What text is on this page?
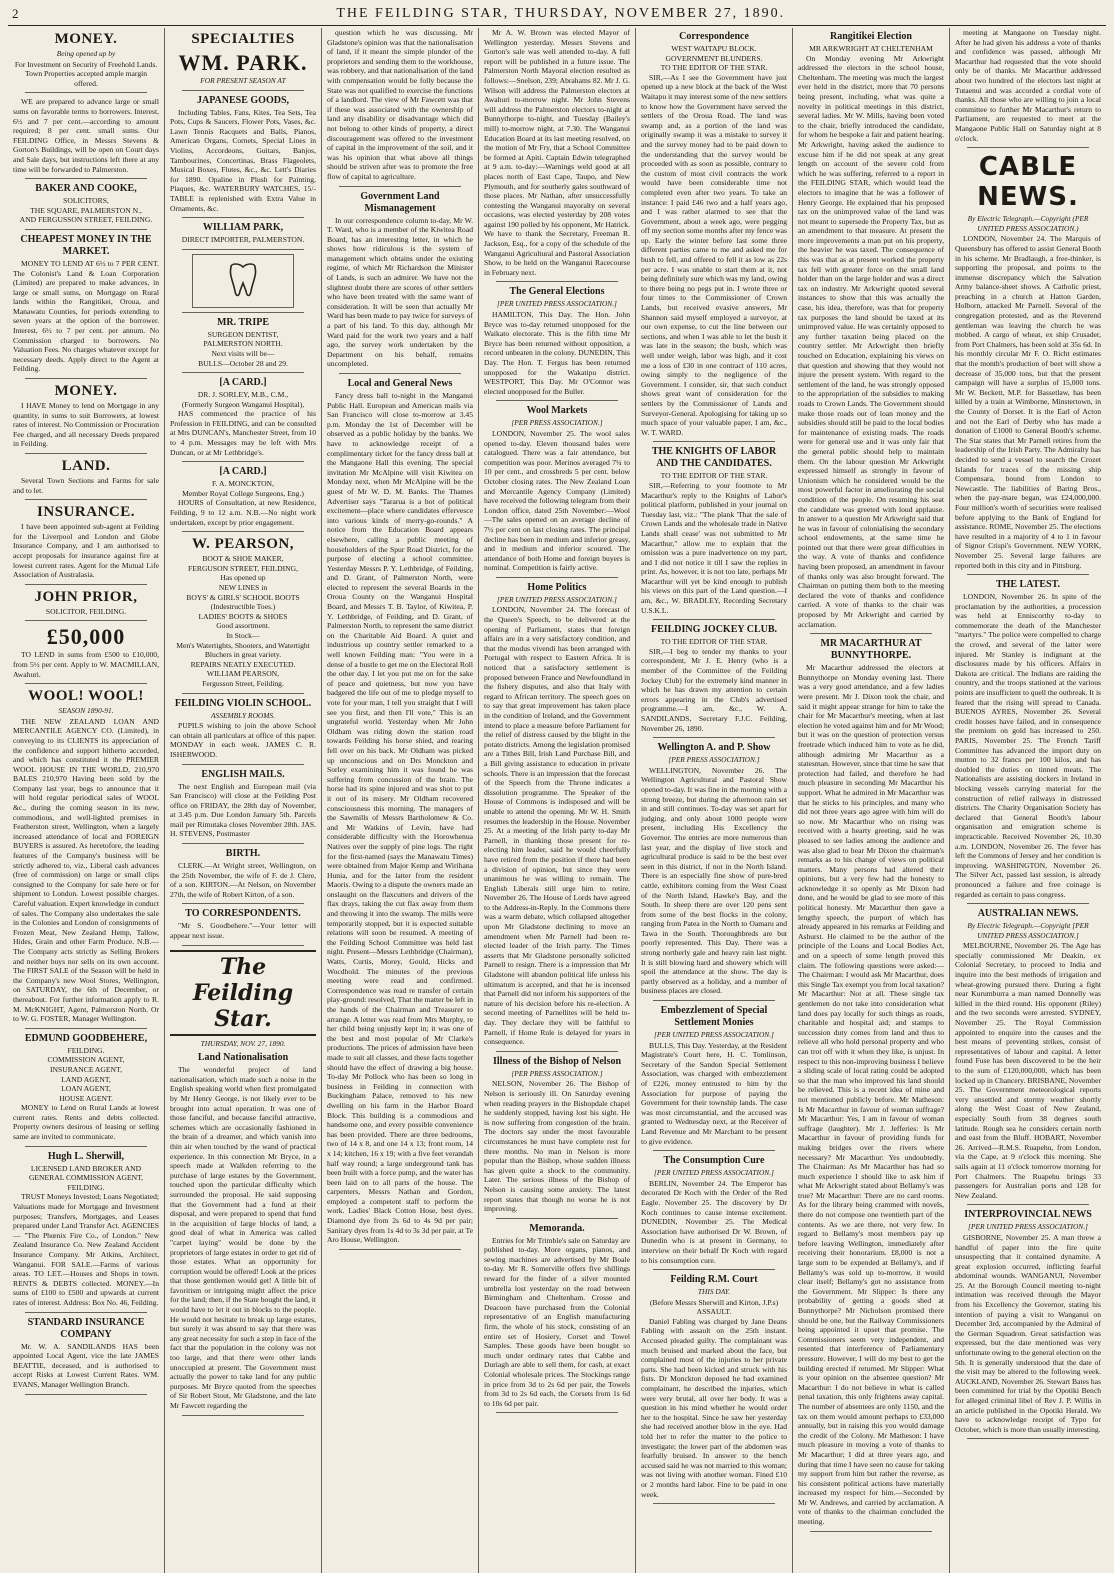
2	THE FEILDING STAR, THURSDAY, NOVEMBER 27, 1890.
MONEY.
Being opened up by
For Investment on Security of Freehold Lands.
Town Properties accepted ample margin offered.
WE are prepared to advance large or small sums on favorable terms to borrowers. Interest, 6½ and 7 per cent.—according to amount required; 8 per cent. small sums. Our FEILDING Office, in Messrs Stevens & Gorton's Buildings, will be open on Court days and Sale days, but instructions left there at any time will be forwarded to Palmerston.
BAKER AND COOKE,
SOLICITORS,
THE SQUARE, PALMERSTON N.,
AND FERGUSSON STREET, FEILDING.
CHEAPEST MONEY IN THE MARKET.
MONEY TO LEND AT 6½ to 7 PER CENT. The Colonist's Land & Loan Corporation (Limited) are prepared to make advances, in large or small sums, on Mortgage on Rural lands within the Rangitikei, Oroua, and Manawatu Counties, for periods extending to seven years at the option of the borrower. Interest, 6½ to 7 per cent. per annum. No Commission charged to borrowers. No Valuation Fees. No charges whatever except for necessary deeds. Apply direct to the Agent at Feilding.
MONEY.
I HAVE Money to lend on Mortgage in any quantity, in sums to suit Borrowers, at lowest rates of interest. No Commission or Procuration Fee charged, and all necessary Deeds prepared in Feilding.
LAND.
Several Town Sections and Farms for sale and to let.
INSURANCE.
I have been appointed sub-agent at Feilding for the Liverpool and London and Globe Insurance Company, and I am authorised to accept proposals for insurance against fire at lowest current rates. Agent for the Mutual Life Association of Australasia.
JOHN PRIOR,
SOLICITOR, FEILDING.
£50,000
TO LEND in sums from £500 to £10,000, from 5½ per cent. Apply to W. MACMILLAN, Awahuri.
WOOL! WOOL!
SEASON 1890-91.
THE NEW ZEALAND LOAN AND MERCANTILE AGENCY CO. (Limited), in conveying to its CLIENTS its appreciation of the confidence and support hitherto accorded, and which has constituted it the PREMIER WOOL HOUSE IN THE WORLD, 210,970 BALES 210,970 Having been sold by the Company last year, begs to announce that it will hold regular periodical sales of WOOL &c., during the coming season in its new, commodious, and well-lighted premises in Featherston street, Wellington, when a largely increased attendance of local and FOREIGN BUYERS is assured. As heretofore, the leading features of the Company's business will be strictly adhered to, viz., Liberal cash advances (free of commission) on large or small clips consigned to the Company for sale here or for shipment to London. Lowest possible charges. Careful valuation. Expert knowledge in conduct of sales. The Company also undertakes the sale in the Colonies and London of consignments of Frozen Meat, New Zealand Hemp, Tallow, Hides, Grain and other Farm Produce. N.B.—The Company acts strictly as Selling Brokers and neither buys nor sells on its own account. The FIRST SALE of the Season will be held in the Company's new Wool Stores, Wellington, on SATURDAY, the 6th of December, or thereabout. For further information apply to R. M. McKNIGHT, Agent, Palmerston North. Or to W. G. FOSTER, Manager Wellington.
EDMUND GOODBEHERE,
FEILDING.
COMMISSION AGENT,
INSURANCE AGENT,
LAND AGENT,
LOAN AGENT,
HOUSE AGENT.
MONEY to Lend on Rural Lands at lowest current rates. Rents and debts collected. Property owners desirous of leasing or selling same are invited to communicate.
Hugh L. Sherwill,
LICENSED LAND BROKER AND
GENERAL COMMISSION AGENT,
FEILDING.
TRUST Moneys Invested; Loans Negotiated; Valuations made for Mortgage and Investment purposes; Transfers, Mortgages, and Leases prepared under Land Transfer Act. AGENCIES— "The Phœnix Fire Co., of London." New Zealand Insurance Co. New Zealand Accident Insurance Company. Mr Atkins, Architect, Wanganui. FOR SALE.—Farms of various areas. TO LET.—Houses and Shops in town. RENTS & DEBTS collected. MONEY.—In sums of £100 to £500 and upwards at current rates of interest. Address: Box No. 46, Feilding.
STANDARD INSURANCE COMPANY
Mr. W. A. SANDILANDS HAS been appointed Local Agent, vice the late JAMES BEATTIE, deceased, and is authorised to accept Risks at Lowest Current Rates. WM. EVANS, Manager Wellington Branch.
SPECIALTIES
WM. PARK.
FOR PRESENT SEASON AT
JAPANESE GOODS,
Including Tables, Fans, Kites, Tea Sets, Tea Pots, Cups & Saucers, Flower Pots, Vases, &c. Lawn Tennis Racquets and Balls, Pianos, American Organs, Cornets, Special Lines in Violins, Accordeons, Guitars, Banjos, Tambourines, Concertinas, Brass Flageolets, Musical Boxes, Flutes, &c., &c. Lett's Diaries for 1890. Opaline in Plush for Painting, Plaques, &c. WATERBURY WATCHES, 15/- TABLE is replenished with Extra Value in Ornaments, &c.
WILLIAM PARK,
DIRECT IMPORTER, PALMERSTON.
MR. TRIPE
SURGEON DENTIST,
PALMERSTON NORTH.
Next visits will be—
BULLS—October 28 and 29.
[A CARD.]
DR. J. SORLEY, M.B., C.M.,
(Formerly Surgeon Wanganui Hospital),
HAS commenced the practice of his Profession in FEILDING, and can be consulted at Mrs DUNCAN's, Manchester Street, from 10 to 4 p.m. Messages may be left with Mrs Duncan, or at Mr Lethbridge's.
[A CARD.]
F. A. MONCKTON,
Member Royal College Surgeons, Eng.)
HOURS of Consultation, at new Residence, Feilding, 9 to 12 a.m. N.B.—No night work undertaken, except by prior engagement.
W. PEARSON,
BOOT & SHOE MAKER,
FERGUSON STREET, FEILDING,
Has opened up
NEW LINES in
BOYS' & GIRLS' SCHOOL BOOTS
(Indestructible Toes.)
LADIES' BOOTS & SHOES
Good assortment.
In Stock—
Men's Watertights, Shooters, and Watertight Bluchers in great variety.
REPAIRS NEATLY EXECUTED.
WILLIAM PEARSON,
Fergusson Street, Feilding.
FEILDING VIOLIN SCHOOL.
ASSEMBLY ROOMS.
PUPILS wishing to join the above School can obtain all particulars at office of this paper. MONDAY in each week. JAMES C. R. ISHERWOOD.
ENGLISH MAILS.
The next English and European mail (via San Francisco) will close at the Feilding Post office on FRIDAY, the 28th day of November, at 3.45 p.m. Due London January 5th. Parcels mail per Rimutaka closes November 28th. JAS. H. STEVENS, Postmaster
BIRTH.
CLERK.—At Wright street, Wellington, on the 25th November, the wife of F. de J. Clere, of a son. KIRTON.—At Nelson, on November 27th, the wife of Robert Kirton, of a son.
TO CORRESPONDENTS.
"Mr S. Goodbehere."—Your letter will appear next issue.
The Feilding Star.
THURSDAY, NOV. 27, 1890.
Land Nationalisation
The wonderful project of land nationalisation, which made such a noise in the English speaking world when first promulgated by Mr Henry George, is not likely ever to be brought into actual operation. It was one of those fanciful, and because fanciful attractive, schemes which are occasionally fashioned in the brain of a dreamer, and which vanish into thin air when touched by the wand of practical experience. In this connection Mr Bryce, in a speech made at Walkden referring to the purchase of large estates by the Government, touched upon the particular difficulty which surrounded the proposal. He said supposing that the Government had a fund at their disposal, and were prepared to spend that fund in the acquisition of large blocks of land, a good deal of what in America was called "carpet laying" would be done by the proprietors of large estates in order to get rid of those estates. What an opportunity for corruption would be offered! Look at the prices that those gentlemen would get! A little bit of favoritism or intriguing might affect the price for the land; then, if the State bought the land, it would have to let it out in blocks to the people. He would not hesitate to break up large estates, but surely it was absurd to say that there was any great necessity for such a step in face of the fact that the population in the colony was not too large, and that there were other lands unoccupied at present. The Government must actually the power to take land for any public purposes. Mr Bryce quoted from the speeches of Sir Robert Stout, Mr Gladstone, and the late Mr Fawcett regarding the
question which he was discussing. Mr Gladstone's opinion was that the nationalisation of land, if it meant the simple plunder of the proprietors and sending them to the workhouse, was robbery, and that nationalisation of the land with compensation would be folly because the State was not qualified to exercise the functions of a landlord. The view of Mr Fawcett was that if these was associated with the ownership of land any disability or disadvantage which did not belong to other kinds of property, a direct discouragement was offered to the investment of capital in the improvement of the soil, and it was his opinion that what above all things should be striven after was to promote the free flow of capital to agriculture.
Government Land Mismanagement
In our correspondence column to-day, Mr W. T. Ward, who is a member of the Kiwitea Road Board, has an interesting letter, in which he shows how ridiculous is the system of management which obtains under the existing regime, of which Mr Richardson the Minister of Lands, is such an admirer. We have not the slightest doubt there are scores of other settlers who have been treated with the same want of consideration. It will be seen that actually Mr Ward has been made to pay twice for surveys of a part of his land. To this day, although Mr Ward paid for the work two years and a half ago, the survey work undertaken by the Department on his behalf, remains uncompleted.
Local and General News
Fancy dress ball to-night in the Manganui Public Hall. European and American mails via San Francisco will close to-morrow at 3.45 p.m. Monday the 1st of December will be observed as a public holiday by the banks. We have to acknowledge receipt of a complimentary ticket for the fancy dress ball at the Mangaone Hall this evening. The special invitation Mr McAlpine will visit Kiwitea on Monday next, when Mr McAlpine will be the guest of Mr W. D. M. Banks. The Thames Advertiser says "Tararua is a hot of political excitement—place where candidates effervesce into various kinds of merry-go-rounds." A notice from the Education Board appears elsewhere, calling a public meeting of householders of the Spur Road District, for the purpose of electing a school committee. Yesterday Messrs P. Y. Lethbridge, of Feilding, and D. Grant, of Palmerston North, were elected to represent the several Boards in the Oroua County on the Wanganui Hospital Board, and Messrs T. B. Taylor, of Kiwitea, P. Y. Lethbridge, of Feilding, and D. Grant, of Palmerston North, to represent the same district on the Charitable Aid Board. A quiet and industrious up country settler remarked to a well known Feilding man: "You were in a dense of a bustle to get me on the Electoral Roll the other day. I let you put me on for the sake of peace and quietness, but now you have badgered the life out of me to pledge myself to vote for your man, I tell you straight that I will see you first, and then I'll vote," This is an ungrateful world. Yesterday when Mr John Oldham was riding down the station road towards Feilding his horse shied, and rearing fell over on his back. Mr Oldham was picked up unconscious and on Drs Monckton and Sorley examining him it was found he was suffering from concussion of the brain. The horse had its spine injured and was shot to put it out of its misery. Mr Oldham recovered consciousness this morning. The managers of the Sawmills of Messrs Bartholomew & Co. and Mr Watkins of Levin, have had considerable difficulty with the Horowhenua Natives over the supply of pine logs. The right for the first-named (says the Manawatu Times) were obtained from Major Kemp and Wirihana Hunia, and for the latter from the resident Maoris. Owing to a dispute the owners made an onslaught on the flaxcutters and drivers of the flax drays, taking the cut flax away from them and throwing it into the swamp. The mills were temporarily stopped, but it is expected suitable relations will soon be resumed. A meeting of the Feilding School Committee was held last night. Present—Messrs Lethbridge (Chairman), Watts, Curtis, Morey, Gould, Hicks and Wocdhold. The minutes of the previous meeting were read and confirmed. Correspondence was read re transfer of certain play-ground: resolved, That the matter be left in the hands of the Chairman and Treasurer to arrange. A letter was read from Mrs Murphy, re her child being unjustly kept in; it was one of the best and most popular of Mr Clarke's productions. The prices of admission have been made to suit all classes, and these facts together should have the effect of drawing a big house. To-day Mr Pollock who has been so long in business in Feilding in connection with Buckingham Palace, removed to his new dwelling on his farm in the Harbor Board Block. This building is a commodious and handsome one, and every possible convenience has been provided. There are three bedrooms, two of 14 x 8, and one 14 x 13; front room, 14 x 14; kitchen, 16 x 19; with a five feet verandah half way round; a large underground tank has been built with a force pump, and the water has been laid on to all parts of the house. The carpenters, Messrs Nathan and Gordon, employed a competent staff to perform the work. Ladies' Black Cotton Hose, best dyes. Diamond dye from 2s 6d to 4s 9d per pair; Sanitary dyes from 1s 4d to 3s 3d per pair, at Te Aro House, Wellington.
Mr A. W. Brown was elected Mayor of Wellington yesterday. Messrs Stevens and Gorton's sale was well attended to-day. A full report will be published in a future issue. The Palmerston North Mayoral election resulted as follows:—Snelson, 239; Abrahams 82. Mr J. G. Wilson will address the Palmerston electors at Awahuri to-morrow night. Mr John Stevens will address the Palmerston electors to-night at Bunnythorpe to-night, and Tuesday (Bailey's mill) to-morrow night, at 7.30. The Wanganui Education Board at its last meeting resolved, on the motion of Mr Fry, that a School Committee be formed at Apiti. Captain Edwin telegraphed at 9 a.m. to-day:—Warnings weld good at all places north of East Cape, Taupo, and New Plymouth, and for southerly gales southward of those places. Mr Nathan, after unsuccessfully contesting the Wanganui mayoralty on several occasions, was elected yesterday by 208 votes against 190 polled by his opponent, Mr Hatrick. We have to thank the Secretary, Freeman R. Jackson, Esq., for a copy of the schedule of the Wanganui Agricultural and Pastoral Association Show, to be held on the Wanganui Racecourse in February next.
The General Elections
[PER UNITED PRESS ASSOCIATION.]
HAMILTON, This Day. The Hon. John Bryce was to-day returned unopposed for the Waikato electorate. This is the fifth time Mr Bryce has been returned without opposition, a record unbeaten in the colony. DUNEDIN, This Day. The Hon. T. Fergus has been returned unopposed for the Wakatipu district. WESTPORT, This Day. Mr O'Connor was elected unopposed for the Buller.
Wool Markets
[PER PRESS ASSOCIATION.]
LONDON, November 25. The wool sales opened to-day. Eleven thousand bales were catalogued. There was a fair attendance, but competition was poor. Merinos averaged 7¼ to 10 per cent., and crossbreds 5 per cent. below October closing rates. The New Zealand Loan and Mercantile Agency Company (Limited) have received the following telegram from their London office, dated 25th November:—Wool—The sales opened on an average decline of 7½ per cent on last closing rates. The principal decline has been in medium and inferior greasy, and in medium and inferior scoured. The attendance of both Home and foreign buyers is nominal. Competition is fairly active.
Home Politics
[PER UNITED PRESS ASSOCIATION.]
LONDON, November 24. The forecast of the Queen's Speech, to be delivered at the opening of Parliament, states that foreign affairs are in a very satisfactory condition, and that the modus vivendi has been arranged with Portugal with respect to Eastern Africa. It is noticed that a satisfactory settlement is proposed between France and Newfoundland in the fishery disputes, and also that Italy with regard to African territory. The speech goes on to say that great improvement has taken place in the condition of Ireland, and the Government intend to place a measure before Parliament for the relief of distress caused by the blight in the potato districts. Among the legislation promised are a Tithes Bill, Irish Land Purchase Bill, and a Bill giving assistance to education in private schools. There is an impression that the forecast of the Speech from the Throne indicates a dissolution programme. The Speaker of the House of Commons is indisposed and will be unable to attend the opening. Mr W. H. Smith resumes the leadership in the House. November 25. At a meeting of the Irish party to-day Mr Parnell, in thanking those present for re-electing him leader, said he would cheerfully have retired from the position if there had been a division of opinion, but since they were unanimous he was willing to remain. The English Liberals still urge him to retire. November 26. The House of Lords have agreed to the Address-in-Reply. In the Commons there was a warm debate, which collapsed altogether upon Mr Gladstone declining to move an amendment when Mr Parnell had been re-elected leader of the Irish party. The Times asserts that Mr Gladstone personally solicited Parnell to resign. There is a impression that Mr Gladstone will abandon political life unless his ultimatum is accepted, and that he is incensed that Parnell did not inform his supporters of the nature of his decision before his re-election. A second meeting of Parnellites will be held to-day. They declare they will be faithful to Parnell, if Home Rule is delayed for years in consequence.
Illness of the Bishop of Nelson
[PER PRESS ASSOCIATION.]
NELSON, November 26. The Bishop of Nelson is seriously ill. On Saturday evening when reading prayers in the Bishopdale chapel he suddenly stopped, having lost his sight. He is now suffering from congestion of the brain. The doctors say under the most favourable circumstances he must have complete rest for three months. No man in Nelson is more popular than the Bishop, whose sudden illness has given quite a shock to the community. Later. The serious illness of the Bishop of Nelson is causing some anxiety. The latest report states that though no worse he is not improving.
Memoranda.
Entries for Mr Trimble's sale on Saturday are published to-day. More organs, pianos, and sewing machines are advertised by Mr Boale to-day. Mr R. Somerville offers five shillings reward for the finder of a silver mounted umbrella lost yesterday on the road between Birmingham and Cheltenham. Crosse and Deacoon have purchased from the Colonial representative of an English manufacturing firm, the whole of his stock, consisting of an entire set of Hosiery, Corset and Towel Samples. These goods have been bought so much under ordinary rates that Cabbe and Duriagh are able to sell them, for cash, at exact Colonial wholesale prices. The Stockings range in price from 3d to 2s 6d per pair, the Towels from 3d to 2s 6d each, the Corsets from 1s 6d to 10s 6d per pair.
Correspondence
WEST WAITAPU BLOCK.
GOVERNMENT BLUNDERS.
TO THE EDITOR OF THE STAR.
SIR,—As I see the Government have just opened up a new block at the back of the West Waitapu it may interest some of the new settlers to know how the Government have served the settlers of the Oroua Road. The land was swamp and, as a portion of the land was originally swamp it was a mistake to survey it and the survey money had to be paid down to the understanding that the survey would be proceeded with as soon as possible, contrary to the custom of most civil contracts the work would have been considerable time not completed even after two years. To take an instance: I paid £46 two and a half years ago, and I was rather alarmed to see that the Government, about a week ago, were pegging off my section some months after my fence was up. Early the winter before last some three different parties came to me and asked me for bush to fell, and offered to fell it as low as 22s per acre. I was unable to start them at it, not being definitely sure which was my land, owing to there being no pegs put in. I wrote three or four times to the Commissioner of Crown Lands, but received evasive answers, Mr Shannon said myself employed a surveyor, at our own expense, to cut the line between our sections, and when I was able to let the bush it was late in the season; the bush, which was well under weigh, labor was high, and it cost me a loss of £30 in one contract of 110 acres, owing simply to the negligence of the Government. I consider, sir, that such conduct shows great want of consideration for the settlers by the Commissioner of Lands and Surveyor-General. Apologising for taking up so much space of your valuable paper, I am, &c., W. T. WARD.
THE KNIGHTS OF LABOR AND THE CANDIDATES.
TO THE EDITOR OF THE STAR.
SIR,—Referring to your footnote to Mr Macarthur's reply to the Knights of Labor's political platform, published in your journal on Tuesday last, viz.: "The plank 'That the sale of Crown Lands and the wholesale trade in Native Lands shall cease' was not submitted to Mr Macarthur," allow me to explain that the omission was a pure inadvertence on my part, and I did not notice it till I saw the replies in print. As, however, it is not too late, perhaps Mr Macarthur will yet be kind enough to publish his views on this part of the Land question.—I am, &c., W. BRADLEY, Recording Secretary U.S.K.L.
FEILDING JOCKEY CLUB.
TO THE EDITOR OF THE STAR.
SIR,—I beg to tender my thanks to your correspondent, Mr J. E. Henry (who is a member of the Committee of the Feilding Jockey Club) for the extremely kind manner in which he has drawn my attention to certain errors appearing in the Club's advertised programme.—I am, &c., W. A. SANDILANDS, Secretary F.J.C. Feilding, November 26, 1890.
Wellington A. and P. Show
[PER PRESS ASSOCIATION.]
WELLINGTON, November 26. The Wellington Agricultural and Pastoral Show opened to-day. It was fine in the morning with a strong breeze, but during the afternoon rain set in and still continues. To-day was set apart for judging, and only about 1000 people were present, including His Excellency the Governor. The entries are more numerous than last year, and the display of live stock and agricultural produce is said to be the best ever seen in this district, if not in the North Island. There is an especially fine show of pure-bred cattle, exhibitors coming from the West Coast of the North Island, Hawke's Bay, and the South. In sheep there are over 120 pens sent from some of the best flocks in the colony, ranging from Patea in the North to Oamaru and Tawa in the South. Thoroughbreds are but poorly represented. This Day. There was a strong northerly gale and heavy rain last night. It is still blowing hard and showery which will spoil the attendance at the show. The day is partly observed as a holiday, and a number of business places are closed.
Embezzlement of Special Settlement Monies
[PER UNITED PRESS ASSOCIATION.]
BULLS, This Day. Yesterday, at the Resident Magistrate's Court here, H. C. Tomlinson, Secretary of the Sandon Special Settlement Association, was charged with embezzlement of £226, money entrusted to him by the Association for purpose of paying the Government for their township lands. The case was most circumstantial, and the accused was granted to Wednesday next, at the Receiver of Land Revenue and Mr Marchant to be present to give evidence.
The Consumption Cure
[PER UNITED PRESS ASSOCIATION.]
BERLIN, November 24. The Emperor has decorated Dr Koch with the Order of the Red Eagle. November 25. The discovery by Dr Koch continues to cause intense excitement. DUNEDIN, November 25. The Medical Association have authorised Dr W. Brown, of Dunedin who is at present in Germany, to interview on their behalf Dr Koch with regard to his consumption cure.
Feilding R.M. Court
THIS DAY.
(Before Messrs Sherwill and Kirton, J.P.s)
ASSAULT.
Daniel Fabling was charged by Jane Deans Fabling with assault on the 25th instant. Accused pleaded guilty. The complainant was much bruised and marked about the face, but complained most of the injuries to her private parts. She had been kicked and struck with his fists. Dr Monckton deposed he had examined complainant, he described the injuries, which were very brutal, all over her body. It was a question in his mind whether he would order her to the hospital. Since he saw her yesterday she had received another blow in the eye. Had told her to refer the matter to the police to investigate; the lower part of the abdomen was fearfully bruised. In answer to the bench accused said he was not married to this woman; was not living with another woman. Fined £10 or 2 months hard labor. Fine to be paid in one week.
Rangitikei Election
MR ARKWRIGHT AT CHELTENHAM
On Monday evening Mr Arkwright addressed the electors in the school house, Cheltenham. The meeting was much the largest ever held in the district, more that 70 persons being present, including, what was quite a novelty in political meetings in this district, several ladies. Mr W. Mills, having been voted to the chair, briefly introduced the candidate, for whom he bespoke a fair and patient hearing. Mr Arkwright, having asked the audience to excuse him if he did not speak at any great length on account of the severe cold from which he was suffering, referred to a report in the FEILDING STAR, which would lead the electors to imagine that he was a follower of Henry George. He explained that his proposed tax on the unimproved value of the land was not meant to supersede the Property Tax, but as an amendment to that measure. At present the more improvements a man put on his property, the heavier he was taxed. The consequence of this was that as at present worked the property tax fell with greater force on the small land holder than on the large holder and was a direct tax on industry. Mr Arkwright quoted several instances to show that this was actually the case, his idea, therefore, was that for property tax purposes the land should be taxed at its unimproved value. He was certainly opposed to any further taxation being placed on the country settler. Mr Arkwright then briefly touched on Education, explaining his views on that question and showing that they would not injure the present system. With regard to the settlement of the land, he was strongly opposed to the appropriation of the subsidies to making roads to Crown Lands. The Government should make those roads out of loan money and the subsidies should still be paid to the local bodies for maintenance of existing roads. The roads were for general use and it was only fair that the general public should help to maintain them. On the labour question Mr Arkwright expressed himself as strongly in favour of Unionism which he considered would be the most powerful factor in ameliorating the social condition of the people. On resuming his seat the candidate was greeted with loud applause. In answer to a question Mr Arkwright said that he was in favour of colonialising the secondary school endowments, at the same time he pointed out that there were great difficulties in the way. A vote of thanks and confidence having been proposed, an amendment in favour of thanks only was also brought forward. The Chairman on putting them both to the meeting declared the vote of thanks and confidence carried. A vote of thanks to the chair was proposed by Mr Arkwright and carried by acclamation.
MR MACARTHUR AT BUNNYTHORPE.
Mr Macarthur addressed the electors at Bunnythorpe on Monday evening last. There was a very good attendance, and a few ladies were present. Mr J. Dixon took the chair, and said it might appear strange for him to take the chair for Mr Macarthur's meeting, when at last election he voted against him and for Mr Wood; but it was on the question of protection versus freetrade which induced him to vote as he did, although admiring Mr Macarthur as a statesman. However, since that time he saw that protection had failed, and therefore he had much pleasure in seconding Mr Macarthur his support. What he admired in Mr Macarthur was that he sticks to his principles, and many who did not three years ago agree with him will do so now. Mr Macarthur who on rising was received with a hearty greeting, said he was pleased to see ladies among the audience and was also glad to hear Mr Dixon the chairman's remarks as to his change of views on political matters. Many persons had altered their opinions, but a very few had the honesty to acknowledge it so openly as Mr Dixon had done, and he would be glad to see more of this political honesty. Mr Macarthur then gave a lengthy speech, the purport of which has already appeared in his remarks at Feilding and Ashurst. He claimed to be the author of the principle of the Loans and Local Bodies Act, and on a speech of some length proved this claim. The following questions were asked:— The Chairman: I would ask Mr Macarthur, does this Single Tax exempt you from local taxation? Mr Macarthur: Not at all. These single tax gentlemen do not take into consideration what land does pay locally for such things as roads, charitable and hospital aid; and stamps to succession duty comes from land and thus to relieve all who hold personal property and who can trot off with it when they like, is unjust. In respect to this non-improving business I believe a sliding scale of local rating could be adopted so that the man who improved his land should be relieved. This is a recent idea of mine and not mentioned publicly before. Mr Matheson: Is Mr Macarthur in favour of woman suffrage? Mr Macarthur: Yes, I am in favour of woman suffrage (laughter). Mr J. Jefferies: Is Mr Macarthur in favour of providing funds for making bridges over the rivers where necessary? Mr Macarthur: Yes undoubtedly. The Chairman: As Mr Macarthur has had so much experience I should like to ask him if what Mr Arkwright stated about Bellamy's was true? Mr Macarthur: There are no card rooms. As for the library being crammed with novels, there do not compose one twentieth part of the contents. As we are there, not very few. In regard to Bellamy's most members pay up before leaving Wellington, immediately after receiving their honorarium. £8,000 is not a large sum to be expended at Bellamy's, and if Bellamy's was sold up to-morrow, it would clear itself; Bellamy's got no assistance from the Government. Mr Slipper: Is there any probability of getting a goods shed at Bunnythorpe? Mr Nicholson promised there should be one, but the Railway Commissioners being appointed it upset that promise. The Commissioners seem very independent, and resented that interference of Parliamentary pressure. However, I will do my best to get the building erected if returned. Mr Slipper: What is your opinion on the absentee question? Mr Macarthur: I do not believe in what is called penal taxation, this only frightens away capital. The number of absentees are only 1150, and the tax on them would amount perhaps to £33,000 annually, but in raising this you would damage the credit of the Colony. Mr Matheson: I have much pleasure in moving a vote of thanks to Mr Macarthur; I did at three years ago, and during that time I have seen no cause for taking my support from him but rather the reverse, as his consistent political actions have materially increased my respect for him.—Seconded by Mr W. Andrews, and carried by acclamation. A vote of thanks to the chairman concluded the meeting.
meeting at Mangaone on Tuesday night. After he had given his address a vote of thanks and confidence was passed, although Mr Macarthur had requested that the vote should only be of thanks. Mr Macarthur addressed about two hundred of the electors last night at Tutaenui and was accorded a cordial vote of thanks. All those who are willing to join a local committee to further Mr Macarthur's return to Parliament, are requested to meet at the Mangaone Public Hall on Saturday night at 8 o'clock.
CABLE NEWS.
By Electric Telegraph.—Copyright (PER UNITED PRESS ASSOCIATION.)
LONDON, November 24. The Marquis of Queensbury has offered to assist General Booth in his scheme. Mr Bradlaugh, a free-thinker, is supporting the proposal, and points to the immense discrepancy which the Salvation Army balance-sheet shows. A Catholic priest, preaching in a church at Hatton Garden, Holborn, attacked Mr Parnell. Several of the congregation protested, and as the Reverend gentleman was leaving the church he was mobbed. A cargo of wheat, ex ship Crusader, from Port Chalmers, has been sold at 35s 6d. In his monthly circular Mr F. O. Richt estimates that the month's production of beet will show a decrease of 35,000 tons, but that the present campaign will have a surplus of 15,000 tons. Mr W. Beckett, M.P. for Bassetlaw, has been killed by a train at Wimborne, Minstertown, in the County of Dorset. It is the Earl of Acton and not the Earl of Derby who has made a donation of £1000 to General Booth's scheme. The Star states that Mr Parnell retires from the leadership of the Irish Party. The Admiralty has decided to send a vessel to search the Crozet Islands for traces of the missing ship Compensara, bound from London to Newcastle. The liabilities of Baring Bros., when the pay-mare began, was £24,000,000. Four million's worth of securities were realised before applying to the Bank of England for assistance. ROME, November 25. The elections have resulted in a majority of 4 to 1 in favour of Signor Crispi's Government. NEW YORK, November 25. Several large failures are reported both in this city and in Pittsburg.
THE LATEST.
LONDON, November 26. In spite of the proclamation by the authorities, a procession was held at Enniscorthy to-day to commemorate the death of the Manchester "martyrs." The police were compelled to charge the crowd, and several of the latter were injured. Mr Stanley is indignant at the disclosures made by his officers. Affairs in Dakota are critical. The Indians are raiding the country, and the troops stationed at the various points are insufficient to quell the outbreak. It is feared that the rising will spread to Canada. BUENOS AYRES, November 26. Several credit houses have failed, and in consequence the premium on gold has increased to 250. PARIS, November 25. The French Tariff Committee has advanced the import duty on mutton to 32 francs per 100 kilos, and has doubled the duties on tinned meats. The Nationalists are assisting dockers in Ireland in blocking vessels carrying material for the construction of relief railways in distressed districts. The Charity Organisation Society has declared that General Booth's labour organisation and emigration scheme is impracticable. Received November 26, 10.30 a.m. LONDON, November 26. The fever has left the Commons of Jersey and her condition is improving. WASHINGTON, November 26. The Silver Act, passed last session, is already pronounced a failure and free coinage is regarded as certain to pass congress.
AUSTRALIAN NEWS.
By Electric Telegraph.—Copyright [PER UNITED PRESS ASSOCIATION.]
MELBOURNE, November 26. The Age has specially commissioned Mr Deakin, ex Colonial Secretary, to proceed to India and inquire into the best methods of irrigation and wheat-growing pursued there. During a fight near Kurumburra a man named Donnelly was killed in the third round. His opponent (Riley) and the two seconds were arrested. SYDNEY, November 25. The Royal Commission appointed to enquire into the causes and the best means of preventing strikes, consist of representatives of labour and capital. A letter found Fuse has been discovered to be the heir to the sum of £120,000,000, which has been locked up in Chancery. BRISBANE, November 25. The Government meteorological reports very unsettled and stormy weather shortly along the West Coast of New Zealand, especially South from 38 degrees south latitude. Rough sea he considers certain north and east from the Bluff. HOBART, November 26. Arrived—R.M.S. Ruapehu, from London, via the Cape, at 9 o'clock this morning. She sails again at 11 o'clock tomorrow morning for Port Chalmers. The Ruapehu brings 33 passengers for Australian ports and 128 for New Zealand.
INTERPROVINCIAL NEWS
[PER UNITED PRESS ASSOCIATION.]
GISBORNE, November 25. A man threw a handful of paper into the fire quite unsuspecting that it contained dynamite. A great explosion occurred, inflicting fearful abdominal wounds. WANGANUI, November 25. At the Borough Council meeting to-night intimation was received through the Mayor from his Excellency the Governor, stating his intention of paying a visit to Wanganui on December 3rd, accompanied by the Admiral of the German Squadron. Great satisfaction was expressed, but the date mentioned was very unfortunate owing to the general election on the 5th. It is generally understood that the date of the visit may be altered to the following week. AUCKLAND, November 26. Stewart Bates has been committed for trial by the Opotiki Bench for alleged criminal libel of Rev J. P. Willis in an article published in the Opotiki Herald. We have to acknowledge receipt of Typo for October, which is more than usually interesting.
